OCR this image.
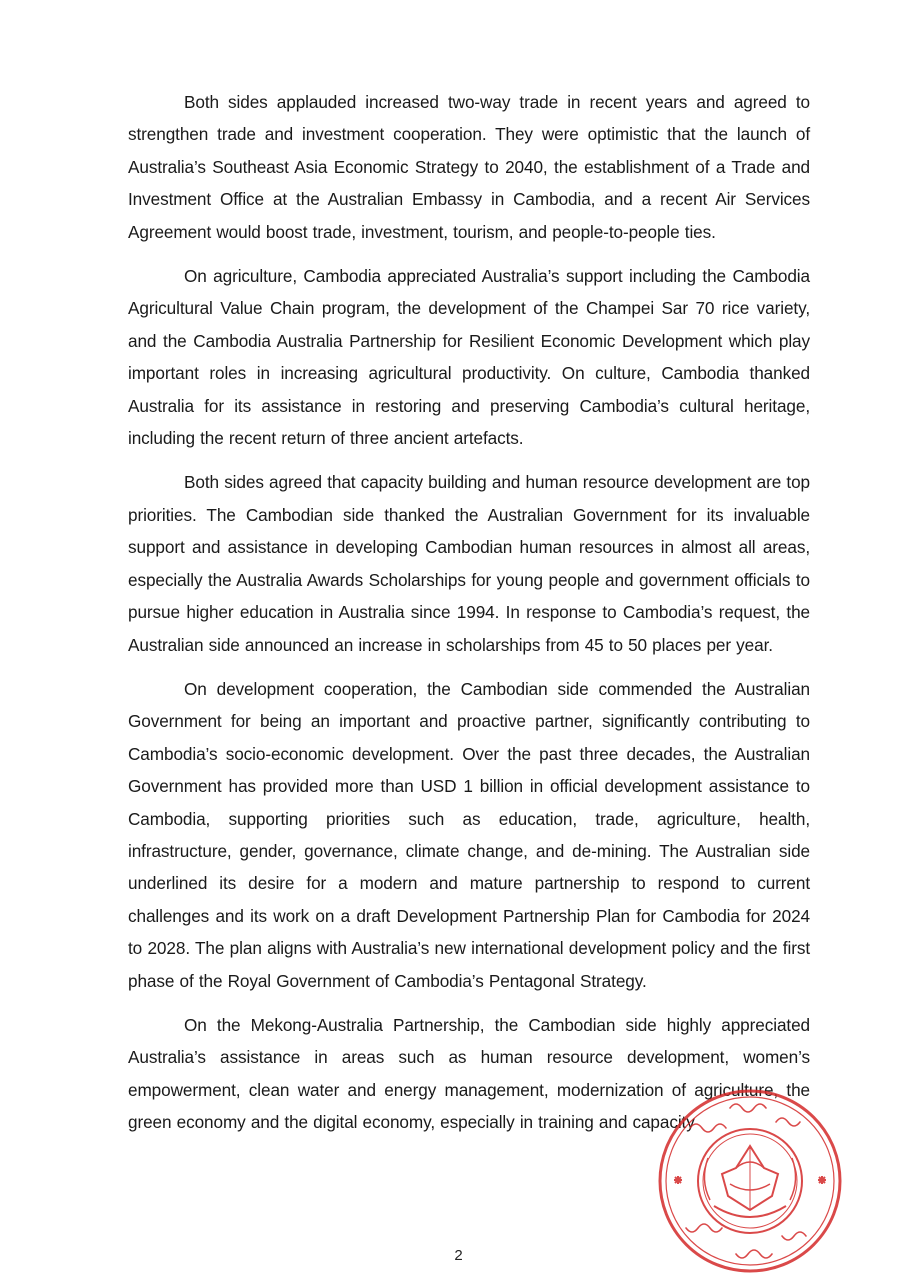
Both sides applauded increased two-way trade in recent years and agreed to strengthen trade and investment cooperation. They were optimistic that the launch of Australia’s Southeast Asia Economic Strategy to 2040, the establishment of a Trade and Investment Office at the Australian Embassy in Cambodia, and a recent Air Services Agreement would boost trade, investment, tourism, and people-to-people ties.

On agriculture, Cambodia appreciated Australia’s support including the Cambodia Agricultural Value Chain program, the development of the Champei Sar 70 rice variety, and the Cambodia Australia Partnership for Resilient Economic Development which play important roles in increasing agricultural productivity. On culture, Cambodia thanked Australia for its assistance in restoring and preserving Cambodia’s cultural heritage, including the recent return of three ancient artefacts.

Both sides agreed that capacity building and human resource development are top priorities. The Cambodian side thanked the Australian Government for its invaluable support and assistance in developing Cambodian human resources in almost all areas, especially the Australia Awards Scholarships for young people and government officials to pursue higher education in Australia since 1994. In response to Cambodia’s request, the Australian side announced an increase in scholarships from 45 to 50 places per year.

On development cooperation, the Cambodian side commended the Australian Government for being an important and proactive partner, significantly contributing to Cambodia’s socio-economic development. Over the past three decades, the Australian Government has provided more than USD 1 billion in official development assistance to Cambodia, supporting priorities such as education, trade, agriculture, health, infrastructure, gender, governance, climate change, and de-mining. The Australian side underlined its desire for a modern and mature partnership to respond to current challenges and its work on a draft Development Partnership Plan for Cambodia for 2024 to 2028. The plan aligns with Australia’s new international development policy and the first phase of the Royal Government of Cambodia’s Pentagonal Strategy.

On the Mekong-Australia Partnership, the Cambodian side highly appreciated Australia’s assistance in areas such as human resource development, women’s empowerment, clean water and energy management, modernization of agriculture, the green economy and the digital economy, especially in training and capacity

2
